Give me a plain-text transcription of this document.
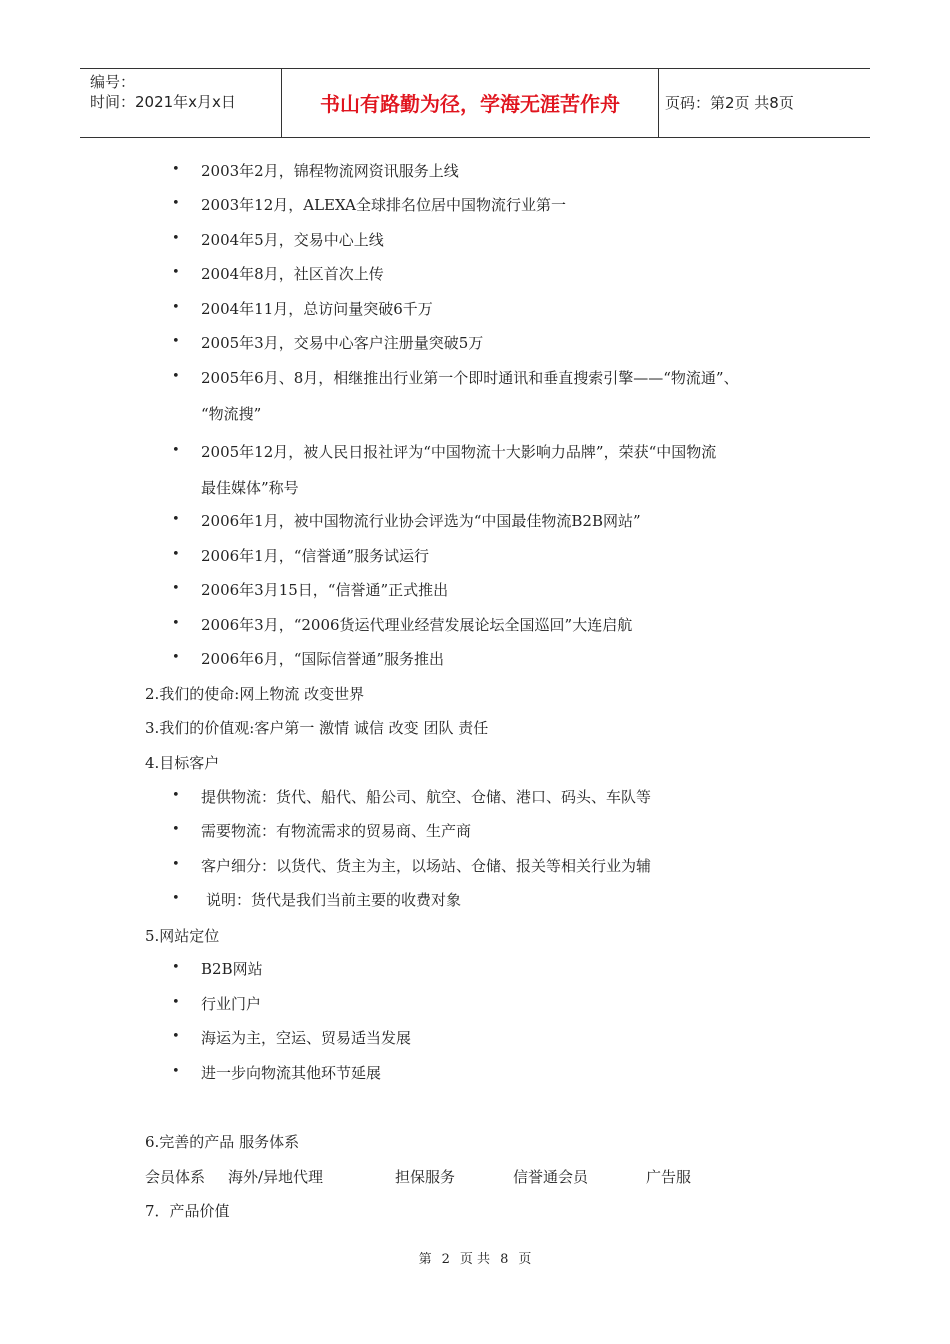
编号：
时间：2021年x月x日	书山有路勤为径，学海无涯苦作舟	页码：第2页 共8页
• 2003年2月，锦程物流网资讯服务上线
• 2003年12月，ALEXA全球排名位居中国物流行业第一
• 2004年5月，交易中心上线
• 2004年8月，社区首次上传
• 2004年11月，总访问量突破6千万
• 2005年3月，交易中心客户注册量突破5万
• 2005年6月、8月，相继推出行业第一个即时通讯和垂直搜索引擎——“物流通”、
“物流搜”
• 2005年12月，被人民日报社评为“中国物流十大影响力品牌”，荣获“中国物流
最佳媒体”称号
• 2006年1月，被中国物流行业协会评选为“中国最佳物流B2B网站”
• 2006年1月，“信誉通”服务试运行
• 2006年3月15日，“信誉通”正式推出
• 2006年3月，“2006货运代理业经营发展论坛全国巡回”大连启航
• 2006年6月，“国际信誉通”服务推出
2.我们的使命:网上物流 改变世界
3.我们的价值观:客户第一 激情 诚信 改变 团队 责任
4.目标客户
• 提供物流：货代、船代、船公司、航空、仓储、港口、码头、车队等
• 需要物流：有物流需求的贸易商、生产商
• 客户细分：以货代、货主为主，以场站、仓储、报关等相关行业为辅
• 说明：货代是我们当前主要的收费对象
5.网站定位
• B2B网站
• 行业门户
• 海运为主，空运、贸易适当发展
• 进一步向物流其他环节延展
6.完善的产品 服务体系
会员体系 海外/异地代理	担保服务	信誉通会员	广告服
7．产品价值
第 2 页 共 8 页
